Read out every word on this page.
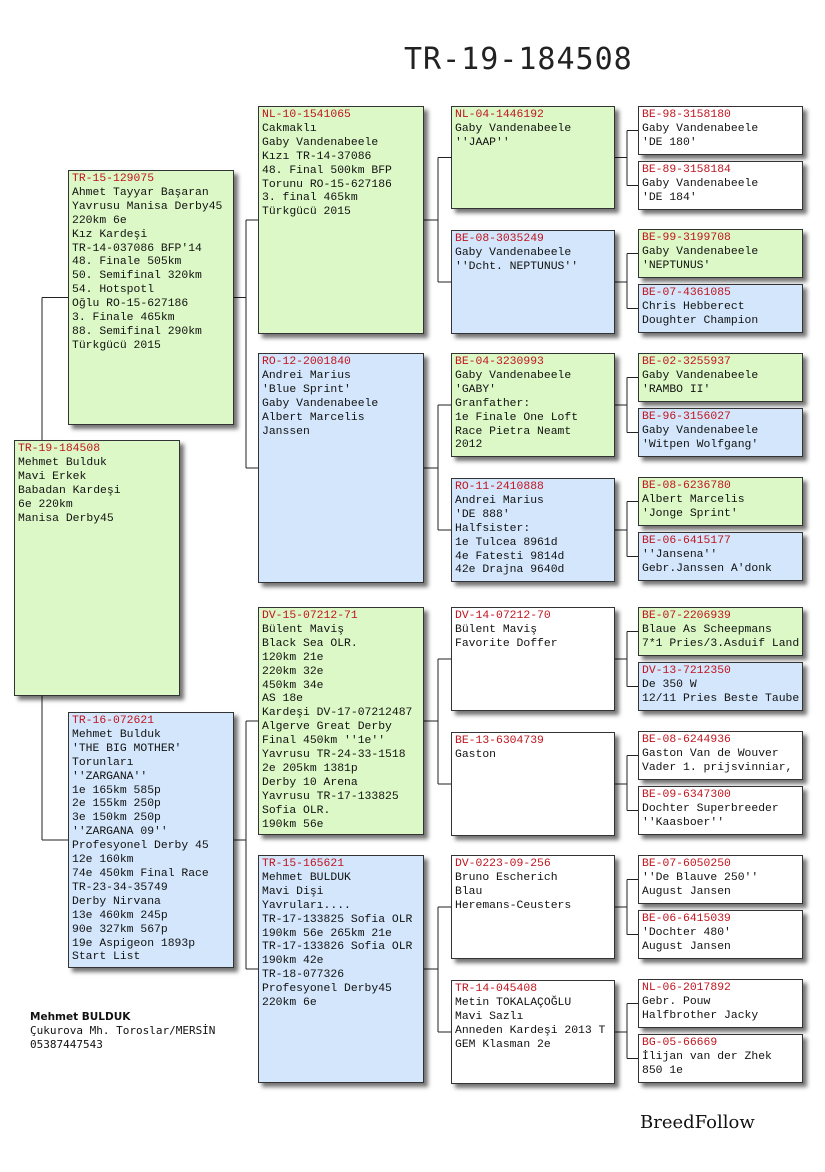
TR-19-184508
TR-19-184508
Mehmet Bulduk
Mavi Erkek
Babadan Kardeşi
6e 220km
Manisa Derby45
TR-15-129075
Ahmet Tayyar Başaran
Yavrusu Manisa Derby45
220km 6e
Kız Kardeşi
TR-14-037086 BFP'14
48. Finale 505km
50. Semifinal 320km
54. Hotspotl
Oğlu RO-15-627186
3. Finale 465km
88. Semifinal 290km
Türkgücü 2015
TR-16-072621
Mehmet Bulduk
'THE BIG MOTHER'
Torunları
''ZARGANA''
1e 165km 585p
2e 155km 250p
3e 150km 250p
''ZARGANA 09''
Profesyonel Derby 45
12e 160km
74e 450km Final Race
TR-23-34-35749
Derby Nirvana
13e 460km 245p
90e 327km 567p
19e Aspigeon 1893p
Start List
NL-10-1541065
Cakmaklı
Gaby Vandenabeele
Kızı TR-14-37086
48. Final 500km BFP
Torunu RO-15-627186
3. final 465km
Türkgücü 2015
RO-12-2001840
Andrei Marius
'Blue Sprint'
Gaby Vandenabeele
Albert Marcelis
Janssen
DV-15-07212-71
Bülent Maviş
Black Sea OLR.
120km 21e
220km 32e
450km 34e
AS 18e
Kardeşi DV-17-07212487
Algerve Great Derby
Final 450km ''1e''
Yavrusu TR-24-33-1518
2e 205km 1381p
Derby 10 Arena
Yavrusu TR-17-133825
Sofia OLR.
190km 56e
TR-15-165621
Mehmet BULDUK
Mavi Dişi
Yavruları....
TR-17-133825 Sofia OLR
190km 56e 265km 21e
TR-17-133826 Sofia OLR
190km 42e
TR-18-077326
Profesyonel Derby45
220km 6e
NL-04-1446192
Gaby Vandenabeele
''JAAP''
BE-08-3035249
Gaby Vandenabeele
''Dcht. NEPTUNUS''
BE-04-3230993
Gaby Vandenabeele
'GABY'
Granfather:
1e Finale One Loft
Race Pietra Neamt
2012
RO-11-2410888
Andrei Marius
'DE 888'
Halfsister:
1e Tulcea 8961d
4e Fatesti 9814d
42e Drajna 9640d
DV-14-07212-70
Bülent Maviş
Favorite Doffer
BE-13-6304739
Gaston
DV-0223-09-256
Bruno Escherich
Blau
Heremans-Ceusters
TR-14-045408
Metin TOKALAÇOĞLU
Mavi Sazlı
Anneden Kardeşi 2013 T
GEM Klasman 2e
BE-98-3158180
Gaby Vandenabeele
'DE 180'
BE-89-3158184
Gaby Vandenabeele
'DE 184'
BE-99-3199708
Gaby Vandenabeele
'NEPTUNUS'
BE-07-4361085
Chris Hebberect
Doughter Champion
BE-02-3255937
Gaby Vandenabeele
'RAMBO II'
BE-96-3156027
Gaby Vandenabeele
'Witpen Wolfgang'
BE-08-6236780
Albert Marcelis
'Jonge Sprint'
BE-06-6415177
''Jansena''
Gebr.Janssen A'donk
BE-07-2206939
Blaue As Scheepmans
7*1 Pries/3.Asduif Land
DV-13-7212350
De 350 W
12/11 Pries Beste Taube
BE-08-6244936
Gaston Van de Wouver
Vader 1. prijsvinniar,
BE-09-6347300
Dochter Superbreeder
''Kaasboer''
BE-07-6050250
''De Blauve 250''
August Jansen
BE-06-6415039
'Dochter 480'
August Jansen
NL-06-2017892
Gebr. Pouw
Halfbrother Jacky
BG-05-66669
İlijan van der Zhek
850 1e
Mehmet BULDUK
Çukurova Mh. Toroslar/MERSİN
05387447543
BreedFollow
